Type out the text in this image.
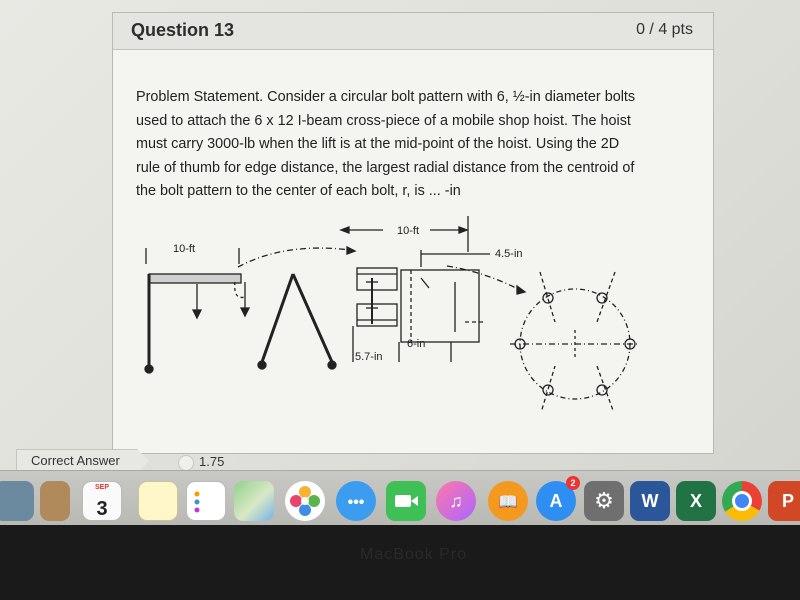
Question 13	0 / 4 pts
Problem Statement. Consider a circular bolt pattern with 6, ½-in diameter bolts
used to attach the 6 x 12 I-beam cross-piece of a mobile shop hoist. The hoist
must carry 3000-lb when the lift is at the mid-point of the hoist. Using the 2D
rule of thumb for edge distance, the largest radial distance from the centroid of
the bolt pattern to the center of each bolt, r, is ... -in
10-ft
10-ft
4.5-in
6-in
5.7-in
Correct Answer	1.75
SEP
3	•••	♫	📖	A
2
⚙	W	X	P
MacBook Pro
